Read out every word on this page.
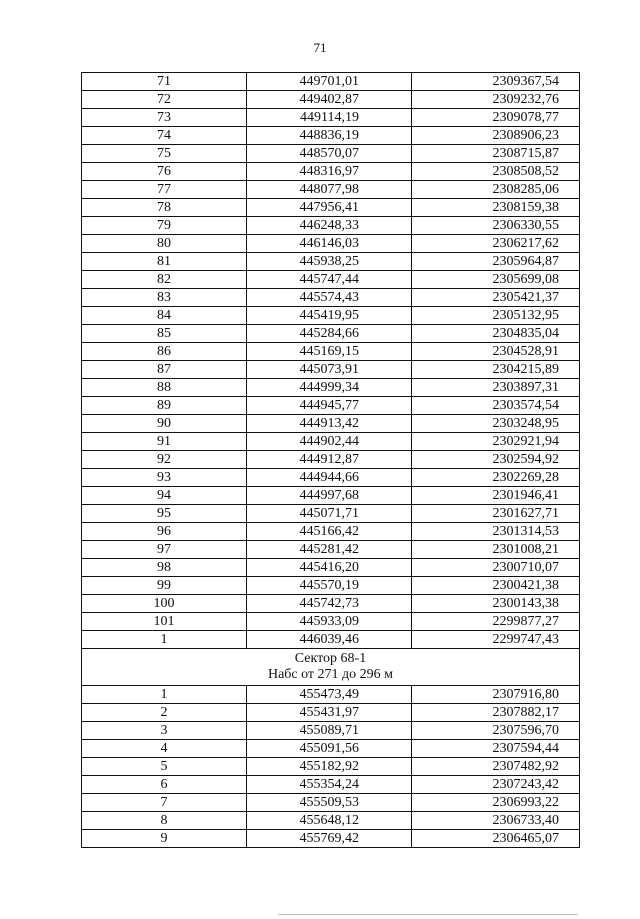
71
71	449701,01	2309367,54
72	449402,87	2309232,76
73	449114,19	2309078,77
74	448836,19	2308906,23
75	448570,07	2308715,87
76	448316,97	2308508,52
77	448077,98	2308285,06
78	447956,41	2308159,38
79	446248,33	2306330,55
80	446146,03	2306217,62
81	445938,25	2305964,87
82	445747,44	2305699,08
83	445574,43	2305421,37
84	445419,95	2305132,95
85	445284,66	2304835,04
86	445169,15	2304528,91
87	445073,91	2304215,89
88	444999,34	2303897,31
89	444945,77	2303574,54
90	444913,42	2303248,95
91	444902,44	2302921,94
92	444912,87	2302594,92
93	444944,66	2302269,28
94	444997,68	2301946,41
95	445071,71	2301627,71
96	445166,42	2301314,53
97	445281,42	2301008,21
98	445416,20	2300710,07
99	445570,19	2300421,38
100	445742,73	2300143,38
101	445933,09	2299877,27
1	446039,46	2299747,43

Сектор 68-1
Набс от 271 до 296 м		

1	455473,49	2307916,80
2	455431,97	2307882,17
3	455089,71	2307596,70
4	455091,56	2307594,44
5	455182,92	2307482,92
6	455354,24	2307243,42
7	455509,53	2306993,22
8	455648,12	2306733,40
9	455769,42	2306465,07
